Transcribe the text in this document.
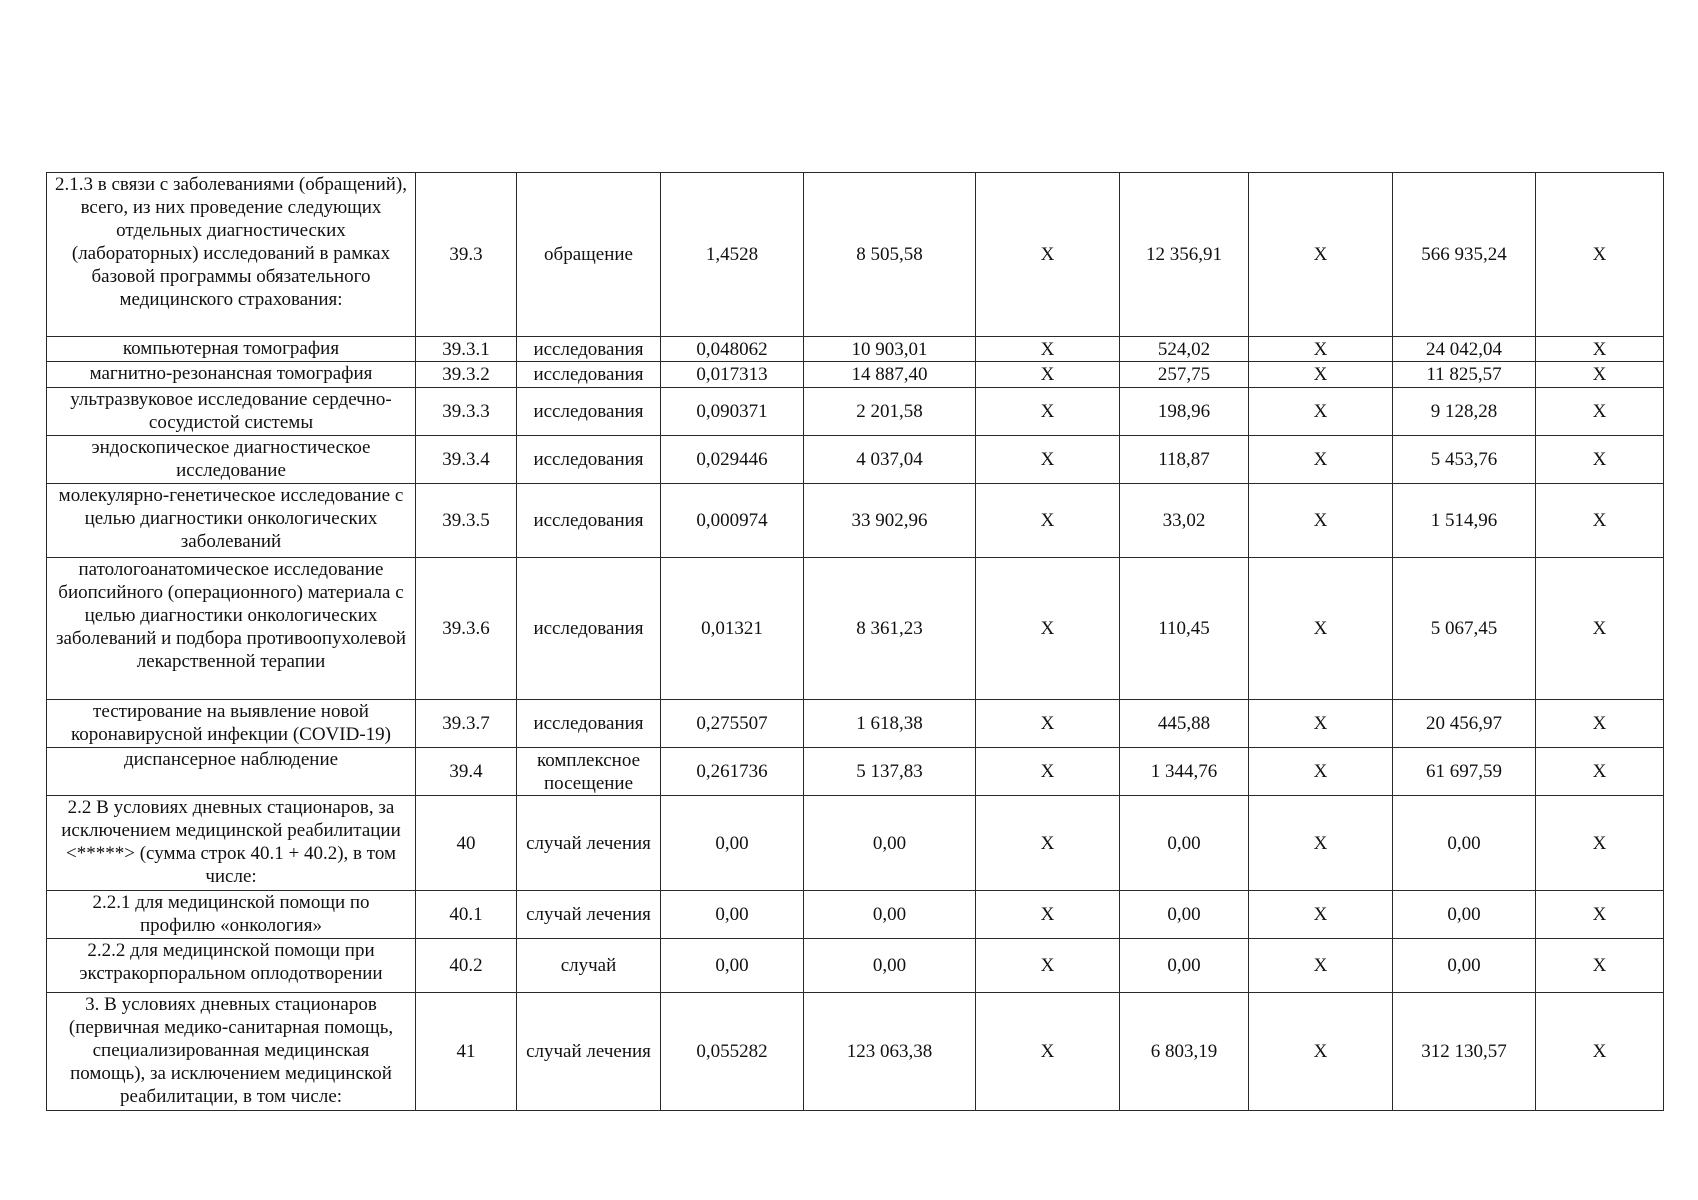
2.1.3 в связи с заболеваниями (обращений), всего, из них проведение следующих отдельных диагностических (лабораторных) исследований в рамках базовой программы обязательного медицинского страхования:	39.3	обращение	1,4528	8 505,58	X	12 356,91	X	566 935,24	X
компьютерная томография	39.3.1	исследования	0,048062	10 903,01	X	524,02	X	24 042,04	X
магнитно-резонансная томография	39.3.2	исследования	0,017313	14 887,40	X	257,75	X	11 825,57	X
ультразвуковое исследование сердечно-сосудистой системы	39.3.3	исследования	0,090371	2 201,58	X	198,96	X	9 128,28	X
эндоскопическое диагностическое исследование	39.3.4	исследования	0,029446	4 037,04	X	118,87	X	5 453,76	X
молекулярно-генетическое исследование с целью диагностики онкологических заболеваний	39.3.5	исследования	0,000974	33 902,96	X	33,02	X	1 514,96	X
патологоанатомическое исследование биопсийного (операционного) материала с целью диагностики онкологических заболеваний и подбора противоопухолевой лекарственной терапии	39.3.6	исследования	0,01321	8 361,23	X	110,45	X	5 067,45	X
тестирование на выявление новой коронавирусной инфекции (COVID-19)	39.3.7	исследования	0,275507	1 618,38	X	445,88	X	20 456,97	X
диспансерное наблюдение	39.4	комплексное посещение	0,261736	5 137,83	X	1 344,76	X	61 697,59	X
2.2 В условиях дневных стационаров, за исключением медицинской реабилитации <*****> (сумма строк 40.1 + 40.2), в том числе:	40	случай лечения	0,00	0,00	X	0,00	X	0,00	X
2.2.1 для медицинской помощи по профилю «онкология»	40.1	случай лечения	0,00	0,00	X	0,00	X	0,00	X
2.2.2 для медицинской помощи при экстракорпоральном оплодотворении	40.2	случай	0,00	0,00	X	0,00	X	0,00	X
3. В условиях дневных стационаров (первичная медико-санитарная помощь, специализированная медицинская помощь), за исключением медицинской реабилитации, в том числе:	41	случай лечения	0,055282	123 063,38	X	6 803,19	X	312 130,57	X
